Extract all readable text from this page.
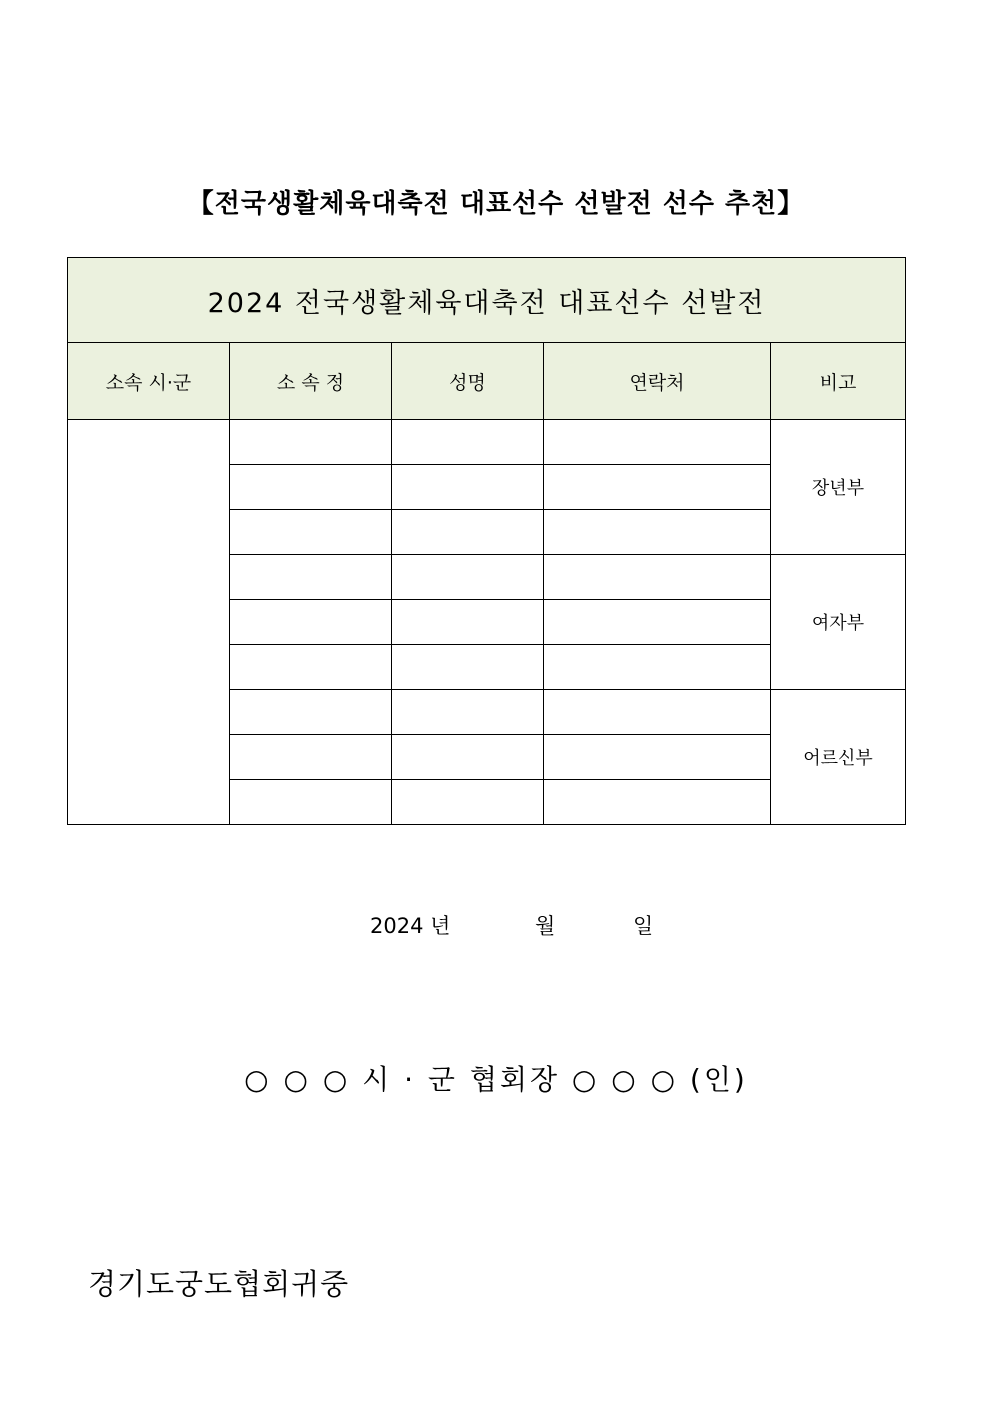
【전국생활체육대축전 대표선수 선발전 선수 추천】
2024 전국생활체육대축전 대표선수 선발전				
소속 시·군	소 속 정	성명	연락처	비고
				장년부

				여자부

				어르신부

2024 년	월	일
○ ○ ○ 시 · 군 협회장 ○ ○ ○ (인)
경기도궁도협회귀중
